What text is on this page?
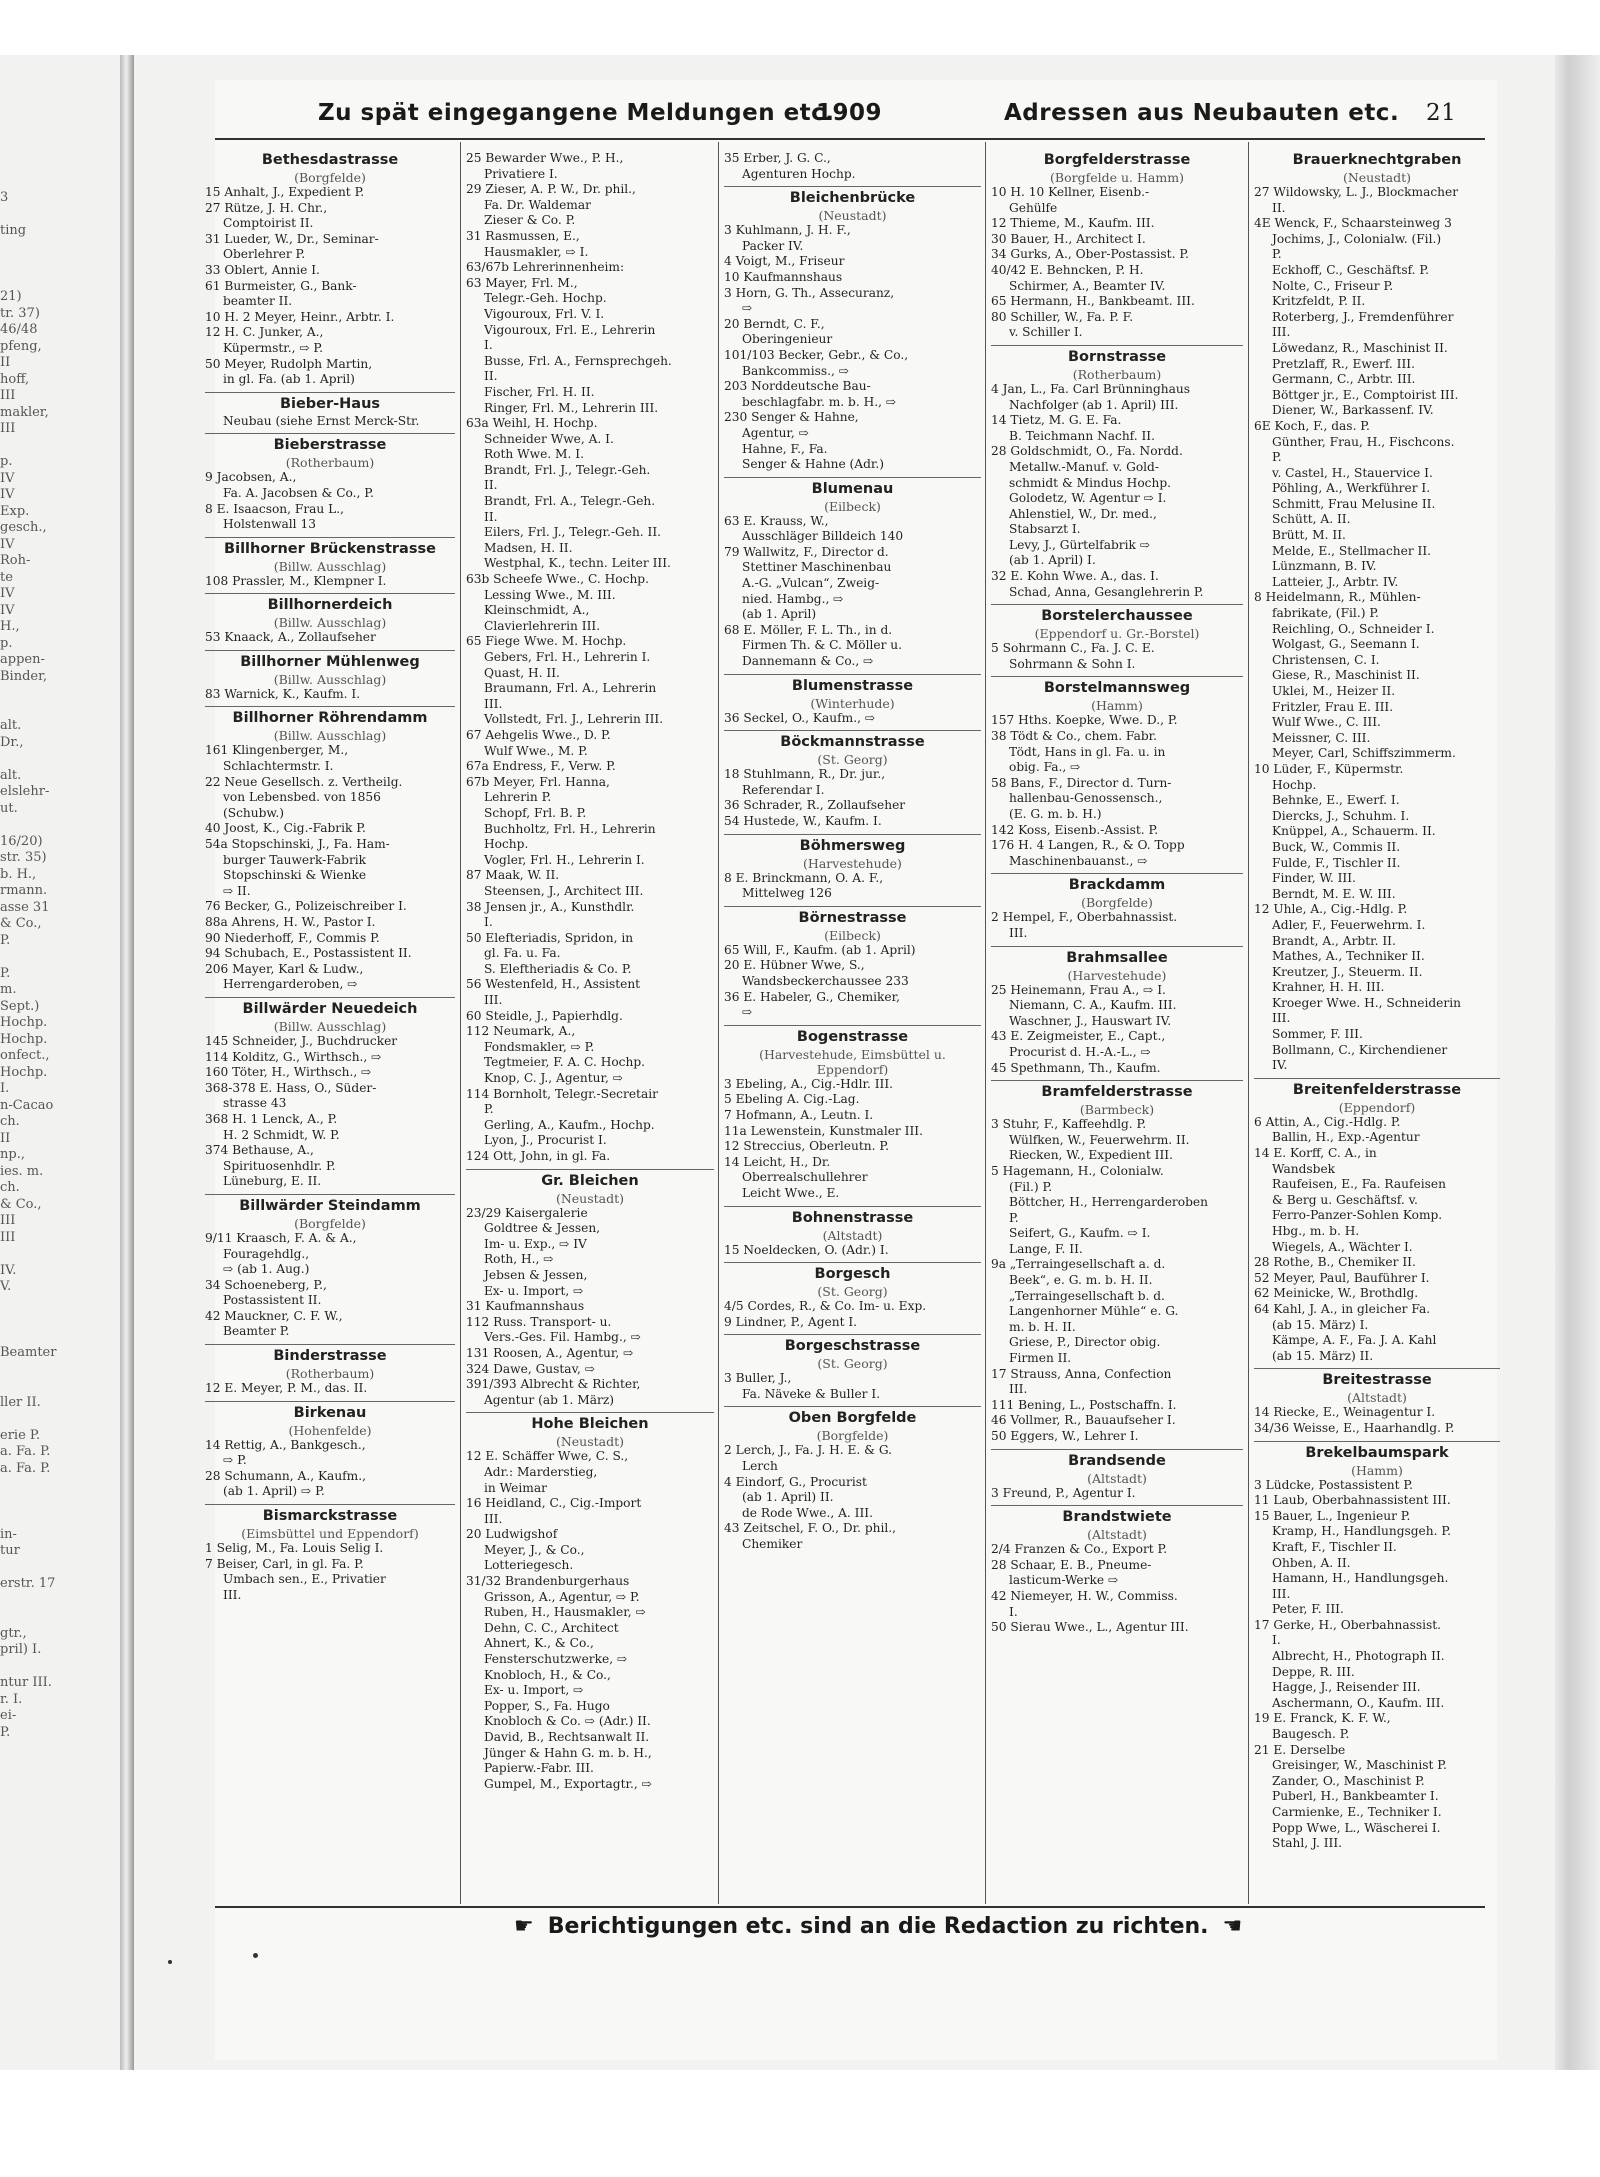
3
ting
21)
tr. 37)
46/48
pfeng,
II
hoff,
III
makler,
III
p.
IV
IV
Exp.
gesch.,
IV
Roh-
te
IV
IV
H.,
p.
appen-
Binder,
alt.
Dr.,
alt.
elslehr-
ut.
16/20)
str. 35)
b. H.,
rmann.
asse 31
& Co.,
P.
P.
m.
Sept.)
Hochp.
Hochp.
onfect.,
Hochp.
I.
n-Cacao
ch.
II
np.,
ies. m.
ch.
& Co.,
III
III
IV.
V.
Beamter
ller II.
erie P.
a. Fa. P.
a. Fa. P.
in-
tur
erstr. 17
gtr.,
pril) I.
ntur III.
r. I.
ei-
P.
Zu spät eingegangene Meldungen etc.
1909	Adressen aus Neubauten etc. 21
Bethesdastrasse
(Borgfelde)
15 Anhalt, J., Expedient P.
27 Rütze, J. H. Chr.,
Comptoirist II.
31 Lueder, W., Dr., Seminar-
Oberlehrer P.
33 Oblert, Annie I.
61 Burmeister, G., Bank-
beamter II.
10 H. 2 Meyer, Heinr., Arbtr. I.
12 H. C. Junker, A.,
Küpermstr., ⇨ P.
50 Meyer, Rudolph Martin,
in gl. Fa. (ab 1. April)
Bieber-Haus
Neubau (siehe Ernst Merck-Str.
Bieberstrasse
(Rotherbaum)
9 Jacobsen, A.,
Fa. A. Jacobsen & Co., P.
8 E. Isaacson, Frau L.,
Holstenwall 13
Billhorner Brückenstrasse
(Billw. Ausschlag)
108 Prassler, M., Klempner I.
Billhornerdeich
(Billw. Ausschlag)
53 Knaack, A., Zollaufseher
Billhorner Mühlenweg
(Billw. Ausschlag)
83 Warnick, K., Kaufm. I.
Billhorner Röhrendamm
(Billw. Ausschlag)
161 Klingenberger, M.,
Schlachtermstr. I.
22 Neue Gesellsch. z. Vertheilg.
von Lebensbed. von 1856
(Schubw.)
40 Joost, K., Cig.-Fabrik P.
54a Stopschinski, J., Fa. Ham-
burger Tauwerk-Fabrik
Stopschinski & Wienke
⇨ II.
76 Becker, G., Polizeischreiber I.
88a Ahrens, H. W., Pastor I.
90 Niederhoff, F., Commis P.
94 Schubach, E., Postassistent II.
206 Mayer, Karl & Ludw.,
Herrengarderoben, ⇨
Billwärder Neuedeich
(Billw. Ausschlag)
145 Schneider, J., Buchdrucker
114 Kolditz, G., Wirthsch., ⇨
160 Töter, H., Wirthsch., ⇨
368-378 E. Hass, O., Süder-
strasse 43
368 H. 1 Lenck, A., P.
H. 2 Schmidt, W. P.
374 Bethause, A.,
Spirituosenhdlr. P.
Lüneburg, E. II.
Billwärder Steindamm
(Borgfelde)
9/11 Kraasch, F. A. & A.,
Fouragehdlg.,
⇨ (ab 1. Aug.)
34 Schoeneberg, P.,
Postassistent II.
42 Mauckner, C. F. W.,
Beamter P.
Binderstrasse
(Rotherbaum)
12 E. Meyer, P. M., das. II.
Birkenau
(Hohenfelde)
14 Rettig, A., Bankgesch.,
⇨ P.
28 Schumann, A., Kaufm.,
(ab 1. April) ⇨ P.
Bismarckstrasse
(Eimsbüttel und Eppendorf)
1 Selig, M., Fa. Louis Selig I.
7 Beiser, Carl, in gl. Fa. P.
Umbach sen., E., Privatier
III.
25 Bewarder Wwe., P. H.,
Privatiere I.
29 Zieser, A. P. W., Dr. phil.,
Fa. Dr. Waldemar
Zieser & Co. P.
31 Rasmussen, E.,
Hausmakler, ⇨ I.
63/67b Lehrerinnenheim:
63 Mayer, Frl. M.,
Telegr.-Geh. Hochp.
Vigouroux, Frl. V. I.
Vigouroux, Frl. E., Lehrerin
I.
Busse, Frl. A., Fernsprechgeh.
II.
Fischer, Frl. H. II.
Ringer, Frl. M., Lehrerin III.
63a Weihl, H. Hochp.
Schneider Wwe, A. I.
Roth Wwe. M. I.
Brandt, Frl. J., Telegr.-Geh.
II.
Brandt, Frl. A., Telegr.-Geh.
II.
Eilers, Frl. J., Telegr.-Geh. II.
Madsen, H. II.
Westphal, K., techn. Leiter III.
63b Scheefe Wwe., C. Hochp.
Lessing Wwe., M. III.
Kleinschmidt, A.,
Clavierlehrerin III.
65 Fiege Wwe. M. Hochp.
Gebers, Frl. H., Lehrerin I.
Quast, H. II.
Braumann, Frl. A., Lehrerin
III.
Vollstedt, Frl. J., Lehrerin III.
67 Aehgelis Wwe., D. P.
Wulf Wwe., M. P.
67a Endress, F., Verw. P.
67b Meyer, Frl. Hanna,
Lehrerin P.
Schopf, Frl. B. P.
Buchholtz, Frl. H., Lehrerin
Hochp.
Vogler, Frl. H., Lehrerin I.
87 Maak, W. II.
Steensen, J., Architect III.
38 Jensen jr., A., Kunsthdlr.
I.
50 Elefteriadis, Spridon, in
gl. Fa. u. Fa.
S. Eleftheriadis & Co. P.
56 Westenfeld, H., Assistent
III.
60 Steidle, J., Papierhdlg.
112 Neumark, A.,
Fondsmakler, ⇨ P.
Tegtmeier, F. A. C. Hochp.
Knop, C. J., Agentur, ⇨
114 Bornholt, Telegr.-Secretair
P.
Gerling, A., Kaufm., Hochp.
Lyon, J., Procurist I.
124 Ott, John, in gl. Fa.
Gr. Bleichen
(Neustadt)
23/29 Kaisergalerie
Goldtree & Jessen,
Im- u. Exp., ⇨ IV
Roth, H., ⇨
Jebsen & Jessen,
Ex- u. Import, ⇨
31 Kaufmannshaus
112 Russ. Transport- u.
Vers.-Ges. Fil. Hambg., ⇨
131 Roosen, A., Agentur, ⇨
324 Dawe, Gustav, ⇨
391/393 Albrecht & Richter,
Agentur (ab 1. März)
Hohe Bleichen
(Neustadt)
12 E. Schäffer Wwe, C. S.,
Adr.: Marderstieg,
in Weimar
16 Heidland, C., Cig.-Import
III.
20 Ludwigshof
Meyer, J., & Co.,
Lotteriegesch.
31/32 Brandenburgerhaus
Grisson, A., Agentur, ⇨ P.
Ruben, H., Hausmakler, ⇨
Dehn, C. C., Architect
Ahnert, K., & Co.,
Fensterschutzwerke, ⇨
Knobloch, H., & Co.,
Ex- u. Import, ⇨
Popper, S., Fa. Hugo
Knobloch & Co. ⇨ (Adr.) II.
David, B., Rechtsanwalt II.
Jünger & Hahn G. m. b. H.,
Papierw.-Fabr. III.
Gumpel, M., Exportagtr., ⇨
35 Erber, J. G. C.,
Agenturen Hochp.
Bleichenbrücke
(Neustadt)
3 Kuhlmann, J. H. F.,
Packer IV.
4 Voigt, M., Friseur
10 Kaufmannshaus
3 Horn, G. Th., Assecuranz,
⇨
20 Berndt, C. F.,
Oberingenieur
101/103 Becker, Gebr., & Co.,
Bankcommiss., ⇨
203 Norddeutsche Bau-
beschlagfabr. m. b. H., ⇨
230 Senger & Hahne,
Agentur, ⇨
Hahne, F., Fa.
Senger & Hahne (Adr.)
Blumenau
(Eilbeck)
63 E. Krauss, W.,
Ausschläger Billdeich 140
79 Wallwitz, F., Director d.
Stettiner Maschinenbau
A.-G. „Vulcan“, Zweig-
nied. Hambg., ⇨
(ab 1. April)
68 E. Möller, F. L. Th., in d.
Firmen Th. & C. Möller u.
Dannemann & Co., ⇨
Blumenstrasse
(Winterhude)
36 Seckel, O., Kaufm., ⇨
Böckmannstrasse
(St. Georg)
18 Stuhlmann, R., Dr. jur.,
Referendar I.
36 Schrader, R., Zollaufseher
54 Hustede, W., Kaufm. I.
Böhmersweg
(Harvestehude)
8 E. Brinckmann, O. A. F.,
Mittelweg 126
Börnestrasse
(Eilbeck)
65 Will, F., Kaufm. (ab 1. April)
20 E. Hübner Wwe, S.,
Wandsbeckerchaussee 233
36 E. Habeler, G., Chemiker,
⇨
Bogenstrasse
(Harvestehude, Eimsbüttel u. Eppendorf)
3 Ebeling, A., Cig.-Hdlr. III.
5 Ebeling A. Cig.-Lag.
7 Hofmann, A., Leutn. I.
11a Lewenstein, Kunstmaler III.
12 Streccius, Oberleutn. P.
14 Leicht, H., Dr.
Oberrealschullehrer
Leicht Wwe., E.
Bohnenstrasse
(Altstadt)
15 Noeldecken, O. (Adr.) I.
Borgesch
(St. Georg)
4/5 Cordes, R., & Co. Im- u. Exp.
9 Lindner, P., Agent I.
Borgeschstrasse
(St. Georg)
3 Buller, J.,
Fa. Näveke & Buller I.
Oben Borgfelde
(Borgfelde)
2 Lerch, J., Fa. J. H. E. & G.
Lerch
4 Eindorf, G., Procurist
(ab 1. April) II.
de Rode Wwe., A. III.
43 Zeitschel, F. O., Dr. phil.,
Chemiker
Borgfelderstrasse
(Borgfelde u. Hamm)
10 H. 10 Kellner, Eisenb.-
Gehülfe
12 Thieme, M., Kaufm. III.
30 Bauer, H., Architect I.
34 Gurks, A., Ober-Postassist. P.
40/42 E. Behncken, P. H.
Schirmer, A., Beamter IV.
65 Hermann, H., Bankbeamt. III.
80 Schiller, W., Fa. P. F.
v. Schiller I.
Bornstrasse
(Rotherbaum)
4 Jan, L., Fa. Carl Brünninghaus
Nachfolger (ab 1. April) III.
14 Tietz, M. G. E. Fa.
B. Teichmann Nachf. II.
28 Goldschmidt, O., Fa. Nordd.
Metallw.-Manuf. v. Gold-
schmidt & Mindus Hochp.
Golodetz, W. Agentur ⇨ I.
Ahlenstiel, W., Dr. med.,
Stabsarzt I.
Levy, J., Gürtelfabrik ⇨
(ab 1. April) I.
32 E. Kohn Wwe. A., das. I.
Schad, Anna, Gesanglehrerin P.
Borstelerchaussee
(Eppendorf u. Gr.-Borstel)
5 Sohrmann C., Fa. J. C. E.
Sohrmann & Sohn I.
Borstelmannsweg
(Hamm)
157 Hths. Koepke, Wwe. D., P.
38 Tödt & Co., chem. Fabr.
Tödt, Hans in gl. Fa. u. in
obig. Fa., ⇨
58 Bans, F., Director d. Turn-
hallenbau-Genossensch.,
(E. G. m. b. H.)
142 Koss, Eisenb.-Assist. P.
176 H. 4 Langen, R., & O. Topp
Maschinenbauanst., ⇨
Brackdamm
(Borgfelde)
2 Hempel, F., Oberbahnassist.
III.
Brahmsallee
(Harvestehude)
25 Heinemann, Frau A., ⇨ I.
Niemann, C. A., Kaufm. III.
Waschner, J., Hauswart IV.
43 E. Zeigmeister, E., Capt.,
Procurist d. H.-A.-L., ⇨
45 Spethmann, Th., Kaufm.
Bramfelderstrasse
(Barmbeck)
3 Stuhr, F., Kaffeehdlg. P.
Wülfken, W., Feuerwehrm. II.
Riecken, W., Expedient III.
5 Hagemann, H., Colonialw.
(Fil.) P.
Böttcher, H., Herrengarderoben
P.
Seifert, G., Kaufm. ⇨ I.
Lange, F. II.
9a „Terraingesellschaft a. d.
Beek“, e. G. m. b. H. II.
„Terraingesellschaft b. d.
Langenhorner Mühle“ e. G.
m. b. H. II.
Griese, P., Director obig.
Firmen II.
17 Strauss, Anna, Confection
III.
111 Bening, L., Postschaffn. I.
46 Vollmer, R., Bauaufseher I.
50 Eggers, W., Lehrer I.
Brandsende
(Altstadt)
3 Freund, P., Agentur I.
Brandstwiete
(Altstadt)
2/4 Franzen & Co., Export P.
28 Schaar, E. B., Pneume-
lasticum-Werke ⇨
42 Niemeyer, H. W., Commiss.
I.
50 Sierau Wwe., L., Agentur III.
Brauerknechtgraben
(Neustadt)
27 Wildowsky, L. J., Blockmacher
II.
4E Wenck, F., Schaarsteinweg 3
Jochims, J., Colonialw. (Fil.)
P.
Eckhoff, C., Geschäftsf. P.
Nolte, C., Friseur P.
Kritzfeldt, P. II.
Roterberg, J., Fremdenführer
III.
Löwedanz, R., Maschinist II.
Pretzlaff, R., Ewerf. III.
Germann, C., Arbtr. III.
Böttger jr., E., Comptoirist III.
Diener, W., Barkassenf. IV.
6E Koch, F., das. P.
Günther, Frau, H., Fischcons.
P.
v. Castel, H., Stauervice I.
Pöhling, A., Werkführer I.
Schmitt, Frau Melusine II.
Schütt, A. II.
Brütt, M. II.
Melde, E., Stellmacher II.
Lünzmann, B. IV.
Latteier, J., Arbtr. IV.
8 Heidelmann, R., Mühlen-
fabrikate, (Fil.) P.
Reichling, O., Schneider I.
Wolgast, G., Seemann I.
Christensen, C. I.
Giese, R., Maschinist II.
Uklei, M., Heizer II.
Fritzler, Frau E. III.
Wulf Wwe., C. III.
Meissner, C. III.
Meyer, Carl, Schiffszimmerm.
10 Lüder, F., Küpermstr.
Hochp.
Behnke, E., Ewerf. I.
Diercks, J., Schuhm. I.
Knüppel, A., Schauerm. II.
Buck, W., Commis II.
Fulde, F., Tischler II.
Finder, W. III.
Berndt, M. E. W. III.
12 Uhle, A., Cig.-Hdlg. P.
Adler, F., Feuerwehrm. I.
Brandt, A., Arbtr. II.
Mathes, A., Techniker II.
Kreutzer, J., Steuerm. II.
Krahner, H. H. III.
Kroeger Wwe. H., Schneiderin
III.
Sommer, F. III.
Bollmann, C., Kirchendiener
IV.
Breitenfelderstrasse
(Eppendorf)
6 Attin, A., Cig.-Hdlg. P.
Ballin, H., Exp.-Agentur
14 E. Korff, C. A., in
Wandsbek
Raufeisen, E., Fa. Raufeisen
& Berg u. Geschäftsf. v.
Ferro-Panzer-Sohlen Komp.
Hbg., m. b. H.
Wiegels, A., Wächter I.
28 Rothe, B., Chemiker II.
52 Meyer, Paul, Bauführer I.
62 Meinicke, W., Brothdlg.
64 Kahl, J. A., in gleicher Fa.
(ab 15. März) I.
Kämpe, A. F., Fa. J. A. Kahl
(ab 15. März) II.
Breitestrasse
(Altstadt)
14 Riecke, E., Weinagentur I.
34/36 Weisse, E., Haarhandlg. P.
Brekelbaumspark
(Hamm)
3 Lüdcke, Postassistent P.
11 Laub, Oberbahnassistent III.
15 Bauer, L., Ingenieur P.
Kramp, H., Handlungsgeh. P.
Kraft, F., Tischler II.
Ohben, A. II.
Hamann, H., Handlungsgeh.
III.
Peter, F. III.
17 Gerke, H., Oberbahnassist.
I.
Albrecht, H., Photograph II.
Deppe, R. III.
Hagge, J., Reisender III.
Aschermann, O., Kaufm. III.
19 E. Franck, K. F. W.,
Baugesch. P.
21 E. Derselbe
Greisinger, W., Maschinist P.
Zander, O., Maschinist P.
Puberl, H., Bankbeamter I.
Carmienke, E., Techniker I.
Popp Wwe, L., Wäscherei I.
Stahl, J. III.
☛ Berichtigungen etc. sind an die Redaction zu richten. ☚
